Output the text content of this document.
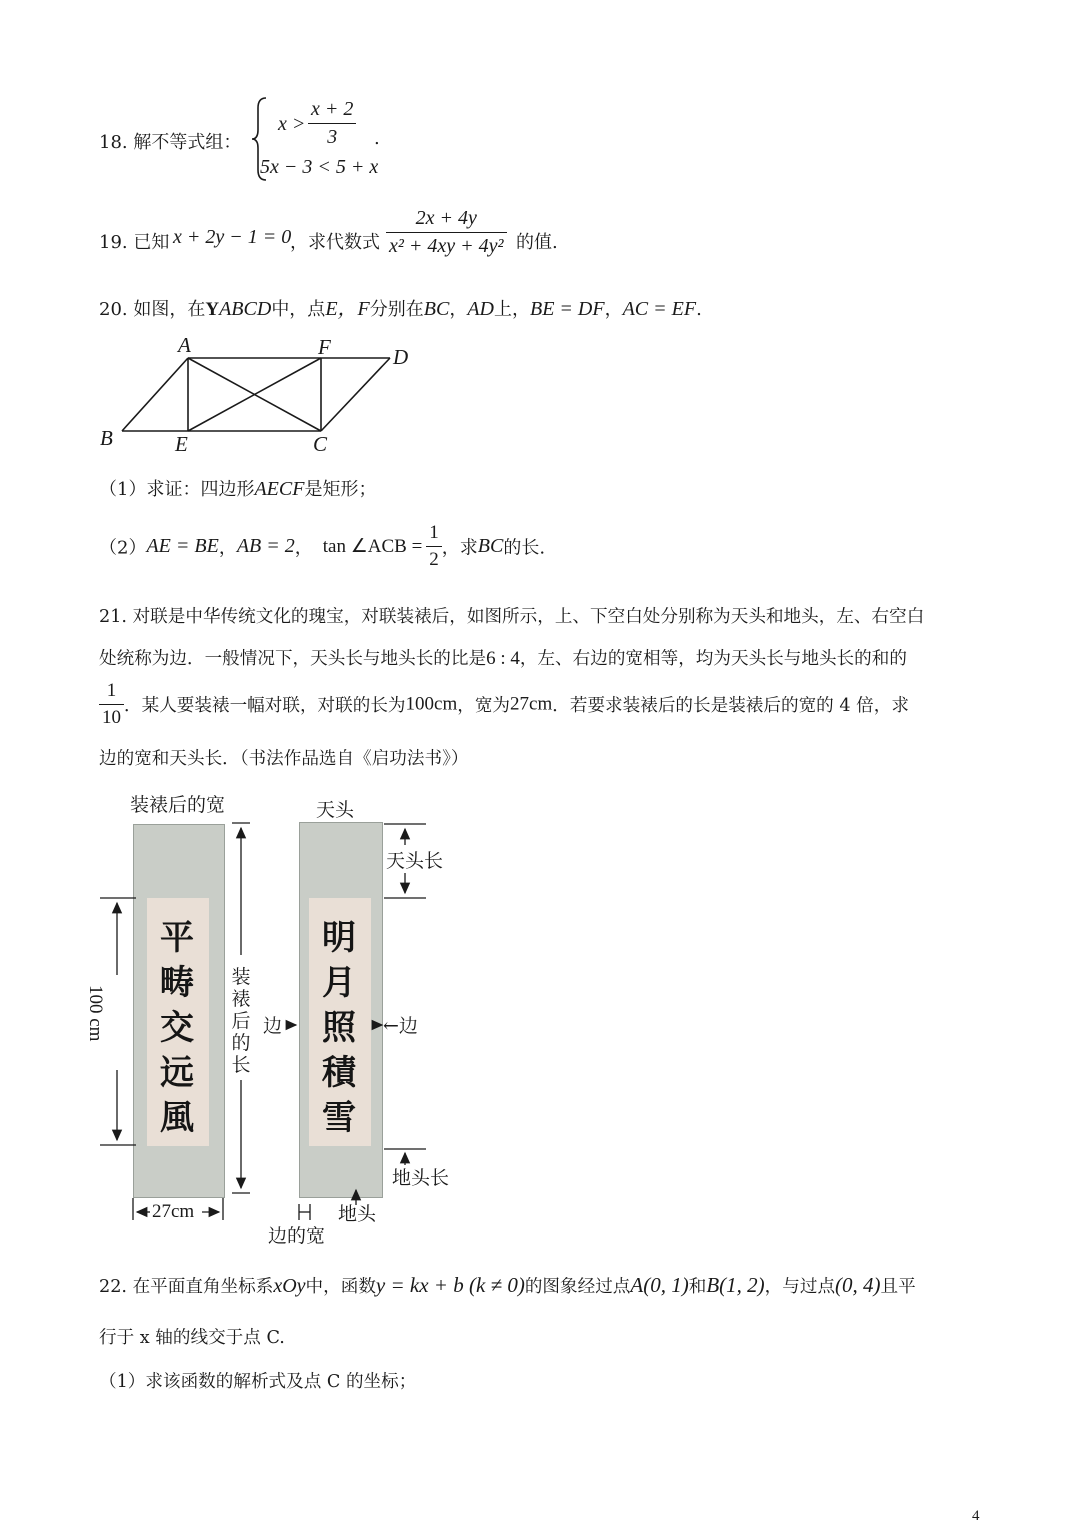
18. 解不等式组：
$x > \frac{x + 2}{3}$ .
5x − 3 < 5 + x
19. 已知 x + 2y − 1 = 0
，求代数式 $\frac{2x + 4y}{\text{x² + 4xy + 4y²}}$ 的值.
20. 如图，在YABCD中，点E，F分别在BC，AD上，BE = DF，AC = EF.
A	F	D
B	E	C
（1）求证：四边形AECF是矩形；
（2）AE = BE，AB = 2， tan ∠ACB = $\frac{1}{2}$ ，求BC的长.
21. 对联是中华传统文化的瑰宝，对联装裱后，如图所示，上、下空白处分别称为天头和地头，左、右空白
处统称为边．一般情况下，天头长与地头长的比是6 : 4，左、右边的宽相等，均为天头长与地头长的和的
$\frac{1}{10}$ ．某人要装裱一幅对联，对联的长为100cm，宽为27cm．若要求装裱后的长是装裱后的宽的 4 倍，求
边的宽和天头长．（书法作品选自《启功法书》）
装裱后的宽	天头
平
畴
交
远
風
明
月
照
積
雪
100 cm
装裱后的长
天头长
边	←边
地头长
27cm	地头
边的宽
22. 在平面直角坐标系xOy中，函数y = kx + b (k ≠ 0)的图象经过点A(0, 1)和B(1, 2)，与过点(0, 4)且平
行于 x 轴的线交于点 C.
（1）求该函数的解析式及点 C 的坐标；
4
